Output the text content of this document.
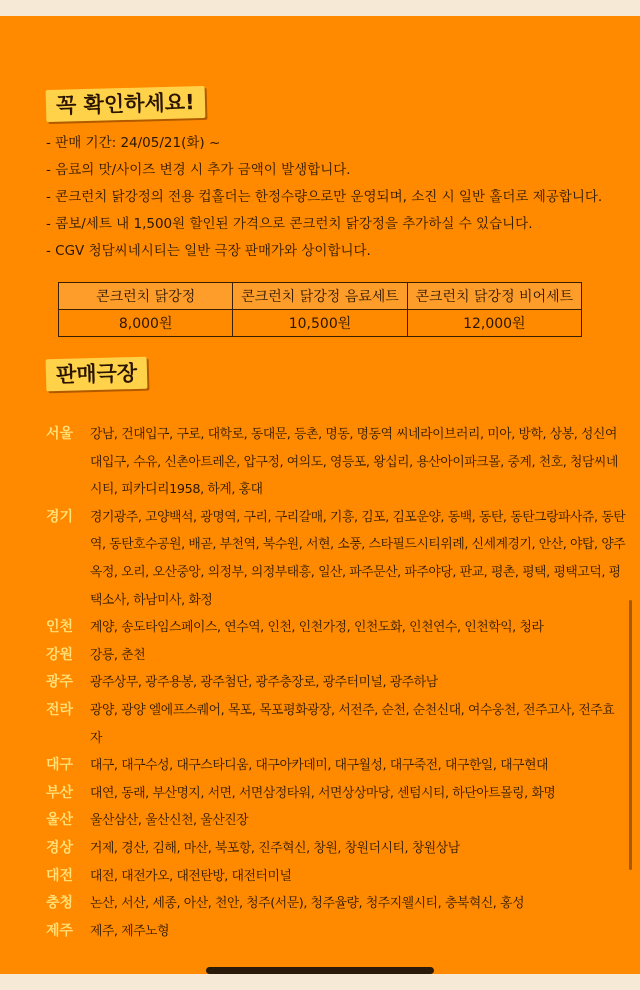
꼭 확인하세요!
- 판매 기간: 24/05/21(화) ~
- 음료의 맛/사이즈 변경 시 추가 금액이 발생합니다.
- 콘크런치 닭강정의 전용 컵홀더는 한정수량으로만 운영되며, 소진 시 일반 홀더로 제공합니다.
- 콤보/세트 내 1,500원 할인된 가격으로 콘크런치 닭강정을 추가하실 수 있습니다.
- CGV 청담씨네시티는 일반 극장 판매가와 상이합니다.
콘크런치 닭강정	콘크런치 닭강정 음료세트	콘크런치 닭강정 비어세트
8,000원	10,500원	12,000원
판매극장
서울	강남, 건대입구, 구로, 대학로, 동대문, 등촌, 명동, 명동역 씨네라이브러리, 미아, 방학, 상봉, 성신여대입구, 수유, 신촌아트레온, 압구정, 여의도, 영등포, 왕십리, 용산아이파크몰, 중계, 천호, 청담씨네시티, 피카디리1958, 하계, 홍대
경기	경기광주, 고양백석, 광명역, 구리, 구리갈매, 기흥, 김포, 김포운양, 동백, 동탄, 동탄그랑파사쥬, 동탄역, 동탄호수공원, 배곧, 부천역, 북수원, 서현, 소풍, 스타필드시티위례, 신세계경기, 안산, 야탑, 양주옥정, 오리, 오산중앙, 의정부, 의정부태흥, 일산, 파주문산, 파주야당, 판교, 평촌, 평택, 평택고덕, 평택소사, 하남미사, 화정
인천	계양, 송도타임스페이스, 연수역, 인천, 인천가정, 인천도화, 인천연수, 인천학익, 청라
강원	강릉, 춘천
광주	광주상무, 광주용봉, 광주첨단, 광주충장로, 광주터미널, 광주하남
전라	광양, 광양 엘에프스퀘어, 목포, 목포평화광장, 서전주, 순천, 순천신대, 여수웅천, 전주고사, 전주효자
대구	대구, 대구수성, 대구스타디움, 대구아카데미, 대구월성, 대구죽전, 대구한일, 대구현대
부산	대연, 동래, 부산명지, 서면, 서면삼정타워, 서면상상마당, 센텀시티, 하단아트몰링, 화명
울산	울산삼산, 울산신천, 울산진장
경상	거제, 경산, 김해, 마산, 북포항, 진주혁신, 창원, 창원더시티, 창원상남
대전	대전, 대전가오, 대전탄방, 대전터미널
충청	논산, 서산, 세종, 아산, 천안, 청주(서문), 청주율량, 청주지웰시티, 충북혁신, 홍성
제주	제주, 제주노형
